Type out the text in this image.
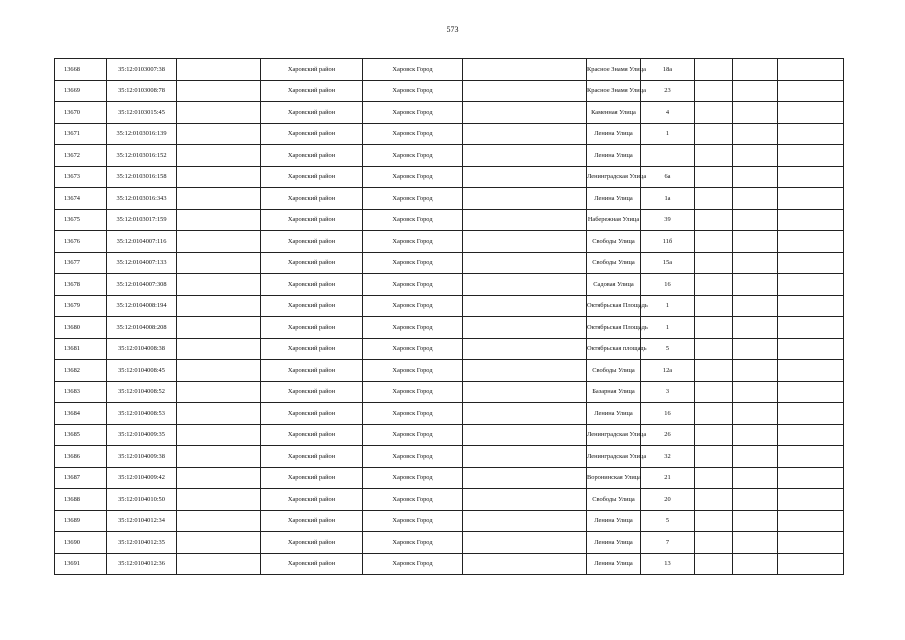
573
13668	35:12:0103007:38		Харовский район	Харовск Город		Красное Знамя Улица	18а			
13669	35:12:0103008:78		Харовский район	Харовск Город		Красное Знамя Улица	23			
13670	35:12:0103015:45		Харовский район	Харовск Город		Каменная Улица	4			
13671	35:12:0103016:139		Харовский район	Харовск Город		Ленина Улица	1			
13672	35:12:0103016:152		Харовский район	Харовск Город		Ленина Улица				
13673	35:12:0103016:158		Харовский район	Харовск Город		Ленинградская Улица	6а			
13674	35:12:0103016:343		Харовский район	Харовск Город		Ленина Улица	1а			
13675	35:12:0103017:159		Харовский район	Харовск Город		Набережная Улица	39			
13676	35:12:0104007:116		Харовский район	Харовск Город		Свободы Улица	11б			
13677	35:12:0104007:133		Харовский район	Харовск Город		Свободы Улица	15а			
13678	35:12:0104007:308		Харовский район	Харовск Город		Садовая Улица	16			
13679	35:12:0104008:194		Харовский район	Харовск Город		Октябрьская Площадь	1			
13680	35:12:0104008:208		Харовский район	Харовск Город		Октябрьская Площадь	1			
13681	35:12:0104008:38		Харовский район	Харовск Город		Октябрьская площадь	5			
13682	35:12:0104008:45		Харовский район	Харовск Город		Свободы Улица	12а			
13683	35:12:0104008:52		Харовский район	Харовск Город		Базарная Улица	3			
13684	35:12:0104008:53		Харовский район	Харовск Город		Ленина Улица	16			
13685	35:12:0104009:35		Харовский район	Харовск Город		Ленинградская Улица	26			
13686	35:12:0104009:38		Харовский район	Харовск Город		Ленинградская Улица	32			
13687	35:12:0104009:42		Харовский район	Харовск Город		Воронинская Улица	21			
13688	35:12:0104010:50		Харовский район	Харовск Город		Свободы Улица	20			
13689	35:12:0104012:34		Харовский район	Харовск Город		Ленина Улица	5			
13690	35:12:0104012:35		Харовский район	Харовск Город		Ленина Улица	7			
13691	35:12:0104012:36		Харовский район	Харовск Город		Ленина Улица	13			
